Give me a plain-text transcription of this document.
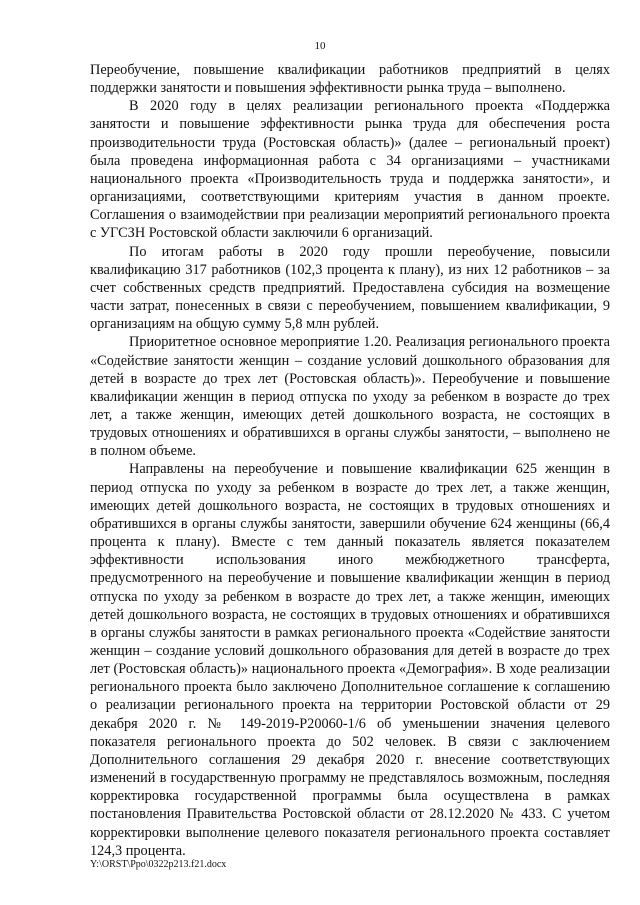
10

Переобучение, повышение квалификации работников предприятий в целях поддержки занятости и повышения эффективности рынка труда – выполнено.

В 2020 году в целях реализации регионального проекта «Поддержка занятости и повышение эффективности рынка труда для обеспечения роста производительности труда (Ростовская область)» (далее – региональный проект) была проведена информационная работа с 34 организациями – участниками национального проекта «Производительность труда и поддержка занятости», и организациями, соответствующими критериям участия в данном проекте. Соглашения о взаимодействии при реализации мероприятий регионального проекта с УГСЗН Ростовской области заключили 6 организаций.

По итогам работы в 2020 году прошли переобучение, повысили квалификацию 317 работников (102,3 процента к плану), из них 12 работников – за счет собственных средств предприятий. Предоставлена субсидия на возмещение части затрат, понесенных в связи с переобучением, повышением квалификации, 9 организациям на общую сумму 5,8 млн рублей.

Приоритетное основное мероприятие 1.20. Реализация регионального проекта «Содействие занятости женщин – создание условий дошкольного образования для детей в возрасте до трех лет (Ростовская область)». Переобучение и повышение квалификации женщин в период отпуска по уходу за ребенком в возрасте до трех лет, а также женщин, имеющих детей дошкольного возраста, не состоящих в трудовых отношениях и обратившихся в органы службы занятости, – выполнено не в полном объеме.

Направлены на переобучение и повышение квалификации 625 женщин в период отпуска по уходу за ребенком в возрасте до трех лет, а также женщин, имеющих детей дошкольного возраста, не состоящих в трудовых отношениях и обратившихся в органы службы занятости, завершили обучение 624 женщины (66,4 процента к плану). Вместе с тем данный показатель является показателем эффективности использования иного межбюджетного трансферта, предусмотренного на переобучение и повышение квалификации женщин в период отпуска по уходу за ребенком в возрасте до трех лет, а также женщин, имеющих детей дошкольного возраста, не состоящих в трудовых отношениях и обратившихся в органы службы занятости в рамках регионального проекта «Содействие занятости женщин – создание условий дошкольного образования для детей в возрасте до трех лет (Ростовская область)» национального проекта «Демография». В ходе реализации регионального проекта было заключено Дополнительное соглашение к соглашению о реализации регионального проекта на территории Ростовской области от 29 декабря 2020 г. № 149-2019-Р20060-1/6 об уменьшении значения целевого показателя регионального проекта до 502 человек. В связи с заключением Дополнительного соглашения 29 декабря 2020 г. внесение соответствующих изменений в государственную программу не представлялось возможным, последняя корректировка государственной программы была осуществлена в рамках постановления Правительства Ростовской области от 28.12.2020 № 433. С учетом корректировки выполнение целевого показателя регионального проекта составляет 124,3 процента.

Y:\ORST\Ppo\0322p213.f21.docx
